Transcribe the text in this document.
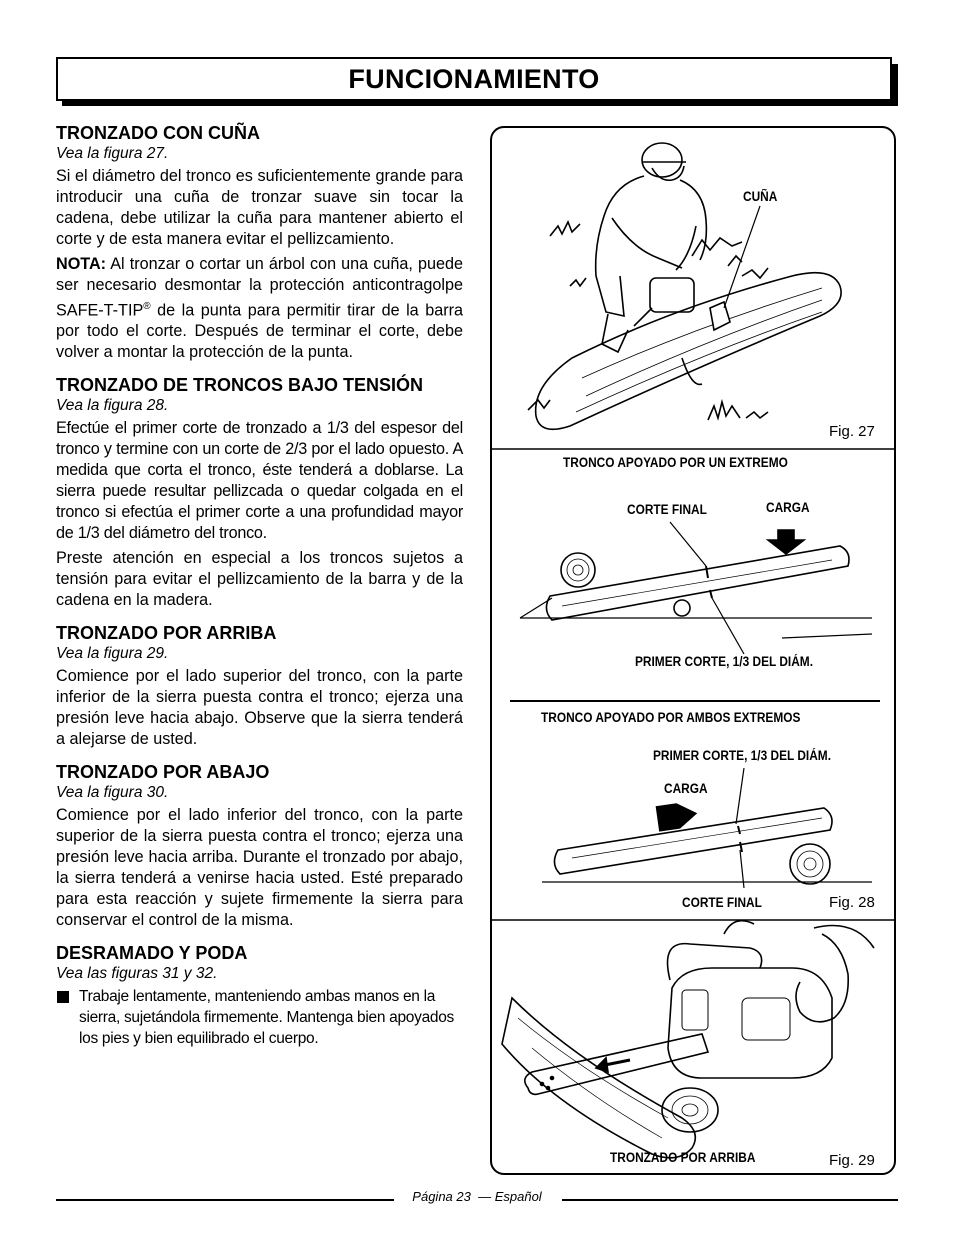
FUNCIONAMIENTO
TRONZADO CON CUÑA
Vea la figura 27.

Si el diámetro del tronco es suficientemente grande para introducir una cuña de tronzar suave sin tocar la cadena, debe utilizar la cuña para mantener abierto el corte y de esta manera evitar el pellizcamiento.

NOTA: Al tronzar o cortar un árbol con una cuña, puede ser necesario desmontar la protección anticontragolpe SAFE-T-TIP® de la punta para permitir tirar de la barra por todo el corte. Después de terminar el corte, debe volver a montar la protección de la punta.

TRONZADO DE TRONCOS BAJO TENSIÓN
Vea la figura 28.

Efectúe el primer corte de tronzado a 1/3 del espesor del tronco y termine con un corte de 2/3 por el lado opuesto. A medida que corta el tronco, éste tenderá a doblarse. La sierra puede resultar pellizcada o quedar colgada en el tronco si efectúa el primer corte a una profundidad mayor de 1/3 del diámetro del tronco.

Preste atención en especial a los troncos sujetos a tensión para evitar el pellizcamiento de la barra y de la cadena en la madera.

TRONZADO POR ARRIBA
Vea la figura 29.

Comience por el lado superior del tronco, con la parte inferior de la sierra puesta contra el tronco; ejerza una presión leve hacia abajo. Observe que la sierra tenderá a alejarse de usted.

TRONZADO POR ABAJO
Vea la figura 30.

Comience por el lado inferior del tronco, con la parte superior de la sierra puesta contra el tronco; ejerza una presión leve hacia arriba. Durante el tronzado por abajo, la sierra tenderá a venirse hacia usted. Esté preparado para esta reacción y sujete firmemente la sierra para conservar el control de la misma.

DESRAMADO Y PODA
Vea las figuras 31 y 32.
Trabaje lentamente, manteniendo ambas manos en la sierra, sujetándola firmemente. Mantenga bien apoyados los pies y bien equilibrado el cuerpo.
CUÑA
Fig. 27
TRONCO APOYADO POR UN EXTREMO
CORTE FINAL	CARGA
PRIMER CORTE, 1/3 DEL DIÁM.
TRONCO APOYADO POR AMBOS EXTREMOS
PRIMER CORTE, 1/3 DEL DIÁM.
CARGA
CORTE FINAL	Fig. 28
TRONZADO POR ARRIBA	Fig. 29
Página 23 — Español
